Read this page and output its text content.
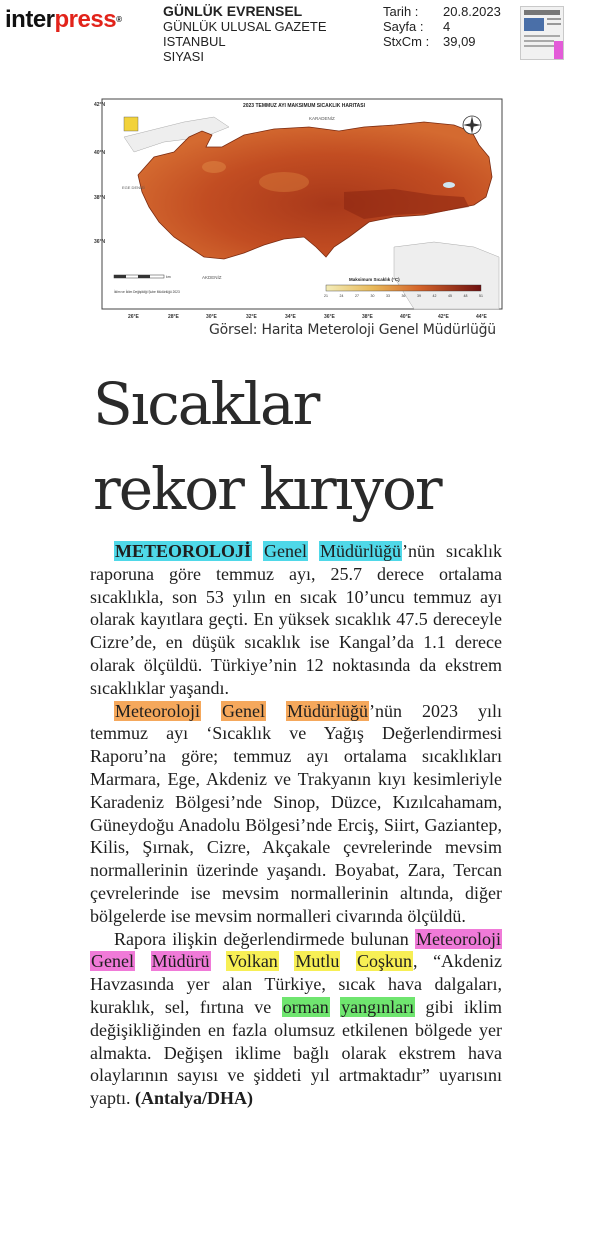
interpress®
GÜNLÜK EVRENSEL
GÜNLÜK ULUSAL GAZETE
ISTANBUL
SIYASI
Tarih :	20.8.2023
Sayfa :	4
StxCm :	39,09
2023 TEMMUZ AYI MAKSIMUM SICAKLIK HARITASI
KARADENİZ
EGE DENİZİ
AKDENİZ
42°N
40°N
38°N
36°N
26°E	28°E	30°E	32°E	34°E	36°E	38°E	40°E	42°E	44°E
km
İklim ve İklim Değişikliği Şube Müdürlüğü 2023
Maksimum Sıcaklık (°C)
21	24	27	30	33	36	39	42	45	48	51
Görsel: Harita Meteroloji Genel Müdürlüğü
Sıcaklar
rekor kırıyor

METEOROLOJİ Genel Müdürlüğü’nün sıcaklık raporuna göre temmuz ayı, 25.7 derece ortalama sıcaklıkla, son 53 yılın en sıcak 10’uncu temmuz ayı olarak kayıtlara geçti. En yüksek sıcaklık 47.5 dereceyle Cizre’de, en düşük sıcaklık ise Kangal’da 1.1 derece olarak ölçüldü. Türkiye’nin 12 noktasında da ekstrem sıcaklıklar yaşandı.

Meteoroloji Genel Müdürlüğü’nün 2023 yılı temmuz ayı ‘Sıcaklık ve Yağış Değerlendirmesi Raporu’na göre; temmuz ayı ortalama sıcaklıkları Marmara, Ege, Akdeniz ve Trakyanın kıyı kesimleriyle Karadeniz Bölgesi’nde Sinop, Düzce, Kızılcahamam, Güneydoğu Anadolu Bölgesi’nde Erciş, Siirt, Gaziantep, Kilis, Şırnak, Cizre, Akçakale çevrelerinde mevsim normallerinin üzerinde yaşandı. Boyabat, Zara, Tercan çevrelerinde ise mevsim normallerinin altında, diğer bölgelerde ise mevsim normalleri civarında ölçüldü.

Rapora ilişkin değerlendirmede bulunan Meteoroloji Genel Müdürü Volkan Mutlu Coşkun, “Akdeniz Havzasında yer alan Türkiye, sıcak hava dalgaları, kuraklık, sel, fırtına ve orman yangınları gibi iklim değişikliğinden en fazla olumsuz etkilenen bölgede yer almakta. Değişen iklime bağlı olarak ekstrem hava olaylarının sayısı ve şiddeti yıl artmaktadır” uyarısını yaptı. (Antalya/DHA)
